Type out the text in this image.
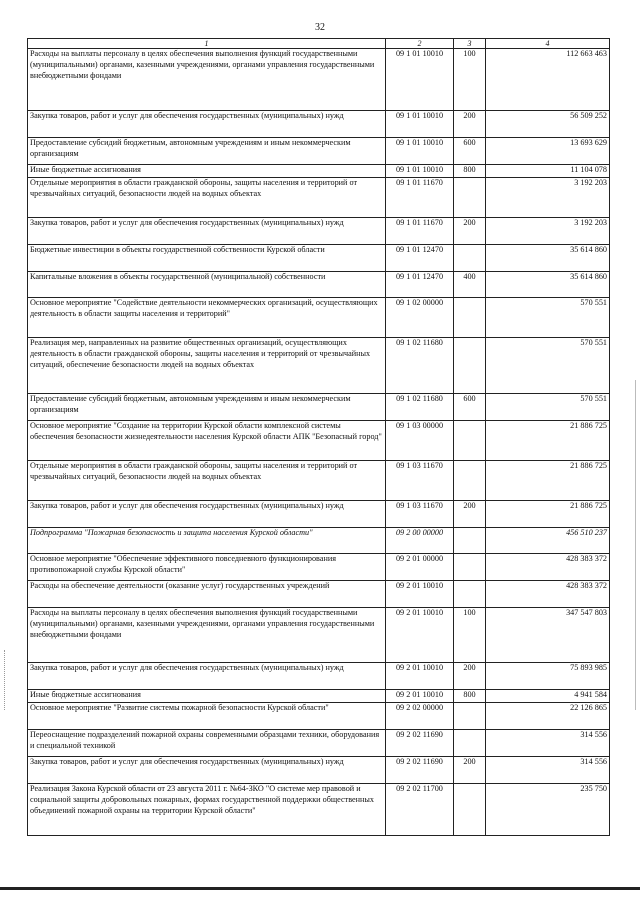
32
1	2	3	4
Расходы на выплаты персоналу в целях обеспечения выполнения функций государственными (муниципальными) органами, казенными учреждениями, органами управления государственными внебюджетными фондами	09 1 01 10010	100	112 663 463
Закупка товаров, работ и услуг для обеспечения государственных (муниципальных) нужд	09 1 01 10010	200	56 509 252
Предоставление субсидий бюджетным, автономным учреждениям и иным некоммерческим организациям	09 1 01 10010	600	13 693 629
Иные бюджетные ассигнования	09 1 01 10010	800	11 104 078
Отдельные мероприятия в области гражданской обороны, защиты населения и территорий от чрезвычайных ситуаций, безопасности людей на водных объектах	09 1 01 11670		3 192 203
Закупка товаров, работ и услуг для обеспечения государственных (муниципальных) нужд	09 1 01 11670	200	3 192 203
Бюджетные инвестиции в объекты государственной собственности Курской области	09 1 01 12470		35 614 860
Капитальные вложения в объекты государственной (муниципальной) собственности	09 1 01 12470	400	35 614 860
Основное мероприятие "Содействие деятельности некоммерческих организаций, осуществляющих деятельность в области защиты населения и территорий"	09 1 02 00000		570 551
Реализация мер, направленных на развитие общественных организаций, осуществляющих деятельность в области гражданской обороны, защиты населения и территорий от чрезвычайных ситуаций, обеспечение безопасности людей на водных объектах	09 1 02 11680		570 551
Предоставление субсидий бюджетным, автономным учреждениям и иным некоммерческим организациям	09 1 02 11680	600	570 551
Основное мероприятие "Создание на территории Курской области комплексной системы обеспечения безопасности жизнедеятельности населения Курской области АПК "Безопасный город"	09 1 03 00000		21 886 725
Отдельные мероприятия в области гражданской обороны, защиты населения и территорий от чрезвычайных ситуаций, безопасности людей на водных объектах	09 1 03 11670		21 886 725
Закупка товаров, работ и услуг для обеспечения государственных (муниципальных) нужд	09 1 03 11670	200	21 886 725
Подпрограмма "Пожарная безопасность и защита населения Курской области"	09 2 00 00000		456 510 237
Основное мероприятие "Обеспечение эффективного повседневного функционирования противопожарной службы Курской области"	09 2 01 00000		428 383 372
Расходы на обеспечение деятельности (оказание услуг) государственных учреждений	09 2 01 10010		428 383 372
Расходы на выплаты персоналу в целях обеспечения выполнения функций государственными (муниципальными) органами, казенными учреждениями, органами управления государственными внебюджетными фондами	09 2 01 10010	100	347 547 803
Закупка товаров, работ и услуг для обеспечения государственных (муниципальных) нужд	09 2 01 10010	200	75 893 985
Иные бюджетные ассигнования	09 2 01 10010	800	4 941 584
Основное мероприятие "Развитие системы пожарной безопасности Курской области"	09 2 02 00000		22 126 865
Переоснащение подразделений пожарной охраны современными образцами техники, оборудования и специальной техникой	09 2 02 11690		314 556
Закупка товаров, работ и услуг для обеспечения государственных (муниципальных) нужд	09 2 02 11690	200	314 556
Реализация Закона Курской области от 23 августа 2011 г. №64-ЗКО "О системе мер правовой и социальной защиты добровольных пожарных, формах государственной поддержки общественных объединений пожарной охраны на территории Курской области"	09 2 02 11700		235 750
